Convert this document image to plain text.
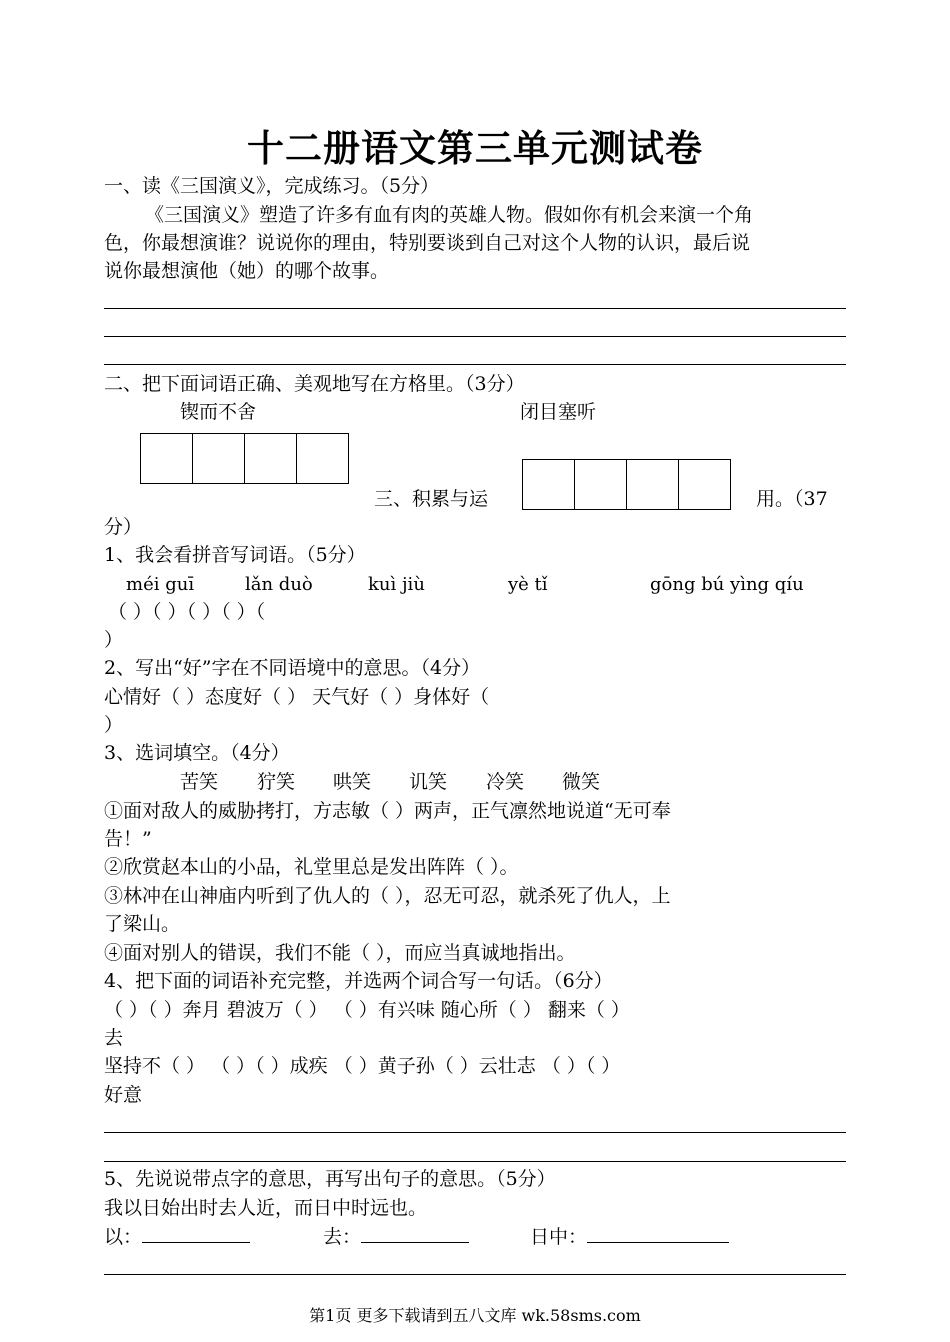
十二册语文第三单元测试卷
一、读《三国演义》，完成练习。（5分）
《三国演义》塑造了许多有血有肉的英雄人物。假如你有机会来演一个角
色，你最想演谁？说说你的理由，特别要谈到自己对这个人物的认识，最后说
说你最想演他（她）的哪个故事。
二、把下面词语正确、美观地写在方格里。（3分）
锲而不舍	闭目塞听
三、积累与运	用。（37
分）
1、我会看拼音写词语。（5分）
méi guī	lǎn duò	kuì jiù	yè tǐ	gōng bú yìng qíu
（ ）（ ）（ ）（ ）（
）
2、写出“好”字在不同语境中的意思。（4分）
心情好（ ）态度好（ ） 天气好（ ）身体好（
）
3、选词填空。（4分）
苦笑 狞笑 哄笑 讥笑 冷笑 微笑
①面对敌人的威胁拷打，方志敏（ ）两声，正气凛然地说道“无可奉
告！”
②欣赏赵本山的小品，礼堂里总是发出阵阵（ ）。
③林冲在山神庙内听到了仇人的（ ），忍无可忍，就杀死了仇人，上
了梁山。
④面对别人的错误，我们不能（ ），而应当真诚地指出。
4、把下面的词语补充完整，并选两个词合写一句话。（6分）
（ ）（ ）奔月 碧波万（ ） （ ）有兴味 随心所（ ） 翻来（ ）
去
坚持不（ ） （ ）（ ）成疾 （ ）黄子孙（ ）云壮志 （ ）（ ）
好意
5、先说说带点字的意思，再写出句子的意思。（5分）
我以日始出时去人近，而日中时远也。
以：	去：	日中：
第1页 更多下载请到五八文库 wk.58sms.com
